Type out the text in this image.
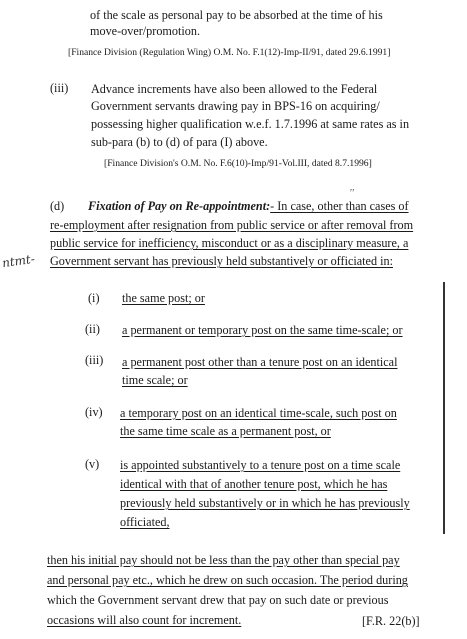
of the scale as personal pay to be absorbed at the time of his
move-over/promotion.
[Finance Division (Regulation Wing) O.M. No. F.1(12)-Imp-II/91, dated 29.6.1991]
(iii) Advance increments have also been allowed to the Federal
Government servants drawing pay in BPS-16 on acquiring/
possessing higher qualification w.e.f. 1.7.1996 at same rates as in
sub-para (b) to (d) of para (I) above.
[Finance Division's O.M. No. F.6(10)-Imp/91-Vol.III, dated 8.7.1996]
′′
(d) Fixation of Pay on Re-appointment:- In case, other than cases of
re-employment after resignation from public service or after removal from
public service for inefficiency, misconduct or as a disciplinary measure, a
Government servant has previously held substantively or officiated in:
ntmt-
(i) the same post; or
(ii) a permanent or temporary post on the same time-scale; or
(iii) a permanent post other than a tenure post on an identical
time scale; or
(iv) a temporary post on an identical time-scale, such post on
the same time scale as a permanent post, or
(v) is appointed substantively to a tenure post on a time scale
identical with that of another tenure post, which he has
previously held substantively or in which he has previously
officiated,
then his initial pay should not be less than the pay other than special pay
and personal pay etc., which he drew on such occasion. The period during
which the Government servant drew that pay on such date or previous
occasions will also count for increment.	[F.R. 22(b)]
